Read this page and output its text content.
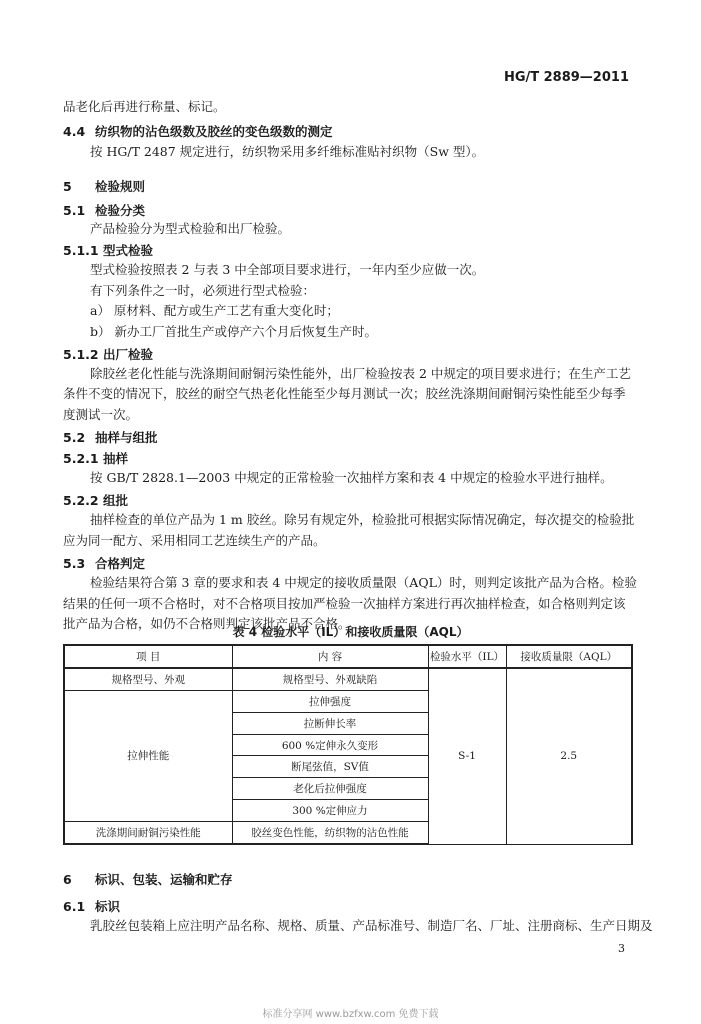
HG/T 2889—2011
品老化后再进行称量、标记。
4.4 纺织物的沾色级数及胶丝的变色级数的测定
按 HG/T 2487 规定进行，纺织物采用多纤维标准贴衬织物（Sw 型）。
5 检验规则
5.1 检验分类
产品检验分为型式检验和出厂检验。
5.1.1 型式检验
型式检验按照表 2 与表 3 中全部项目要求进行，一年内至少应做一次。
有下列条件之一时，必须进行型式检验：
a） 原材料、配方或生产工艺有重大变化时；
b） 新办工厂首批生产或停产六个月后恢复生产时。
5.1.2 出厂检验
除胶丝老化性能与洗涤期间耐铜污染性能外，出厂检验按表 2 中规定的项目要求进行；在生产工艺
条件不变的情况下，胶丝的耐空气热老化性能至少每月测试一次；胶丝洗涤期间耐铜污染性能至少每季
度测试一次。
5.2 抽样与组批
5.2.1 抽样
按 GB/T 2828.1—2003 中规定的正常检验一次抽样方案和表 4 中规定的检验水平进行抽样。
5.2.2 组批
抽样检查的单位产品为 1 m 胶丝。除另有规定外，检验批可根据实际情况确定，每次提交的检验批
应为同一配方、采用相同工艺连续生产的产品。
5.3 合格判定
检验结果符合第 3 章的要求和表 4 中规定的接收质量限（AQL）时，则判定该批产品为合格。检验
结果的任何一项不合格时，对不合格项目按加严检验一次抽样方案进行再次抽样检查，如合格则判定该
批产品为合格，如仍不合格则判定该批产品不合格。
表 4 检验水平（IL）和接收质量限（AQL）
项 目	内 容	检验水平（IL）	接收质量限（AQL）
规格型号、外观	规格型号、外观缺陷	S-1	2.5
拉伸性能	拉伸强度		
	拉断伸长率		
	600 %定伸永久变形		
	断尾弦值，SV值		
	老化后拉伸强度		
	300 %定伸应力		
洗涤期间耐铜污染性能	胶丝变色性能，纺织物的沾色性能		
6 标识、包装、运输和贮存
6.1 标识
乳胶丝包装箱上应注明产品名称、规格、质量、产品标准号、制造厂名、厂址、注册商标、生产日期及
3
标准分享网 www.bzfxw.com 免费下载
